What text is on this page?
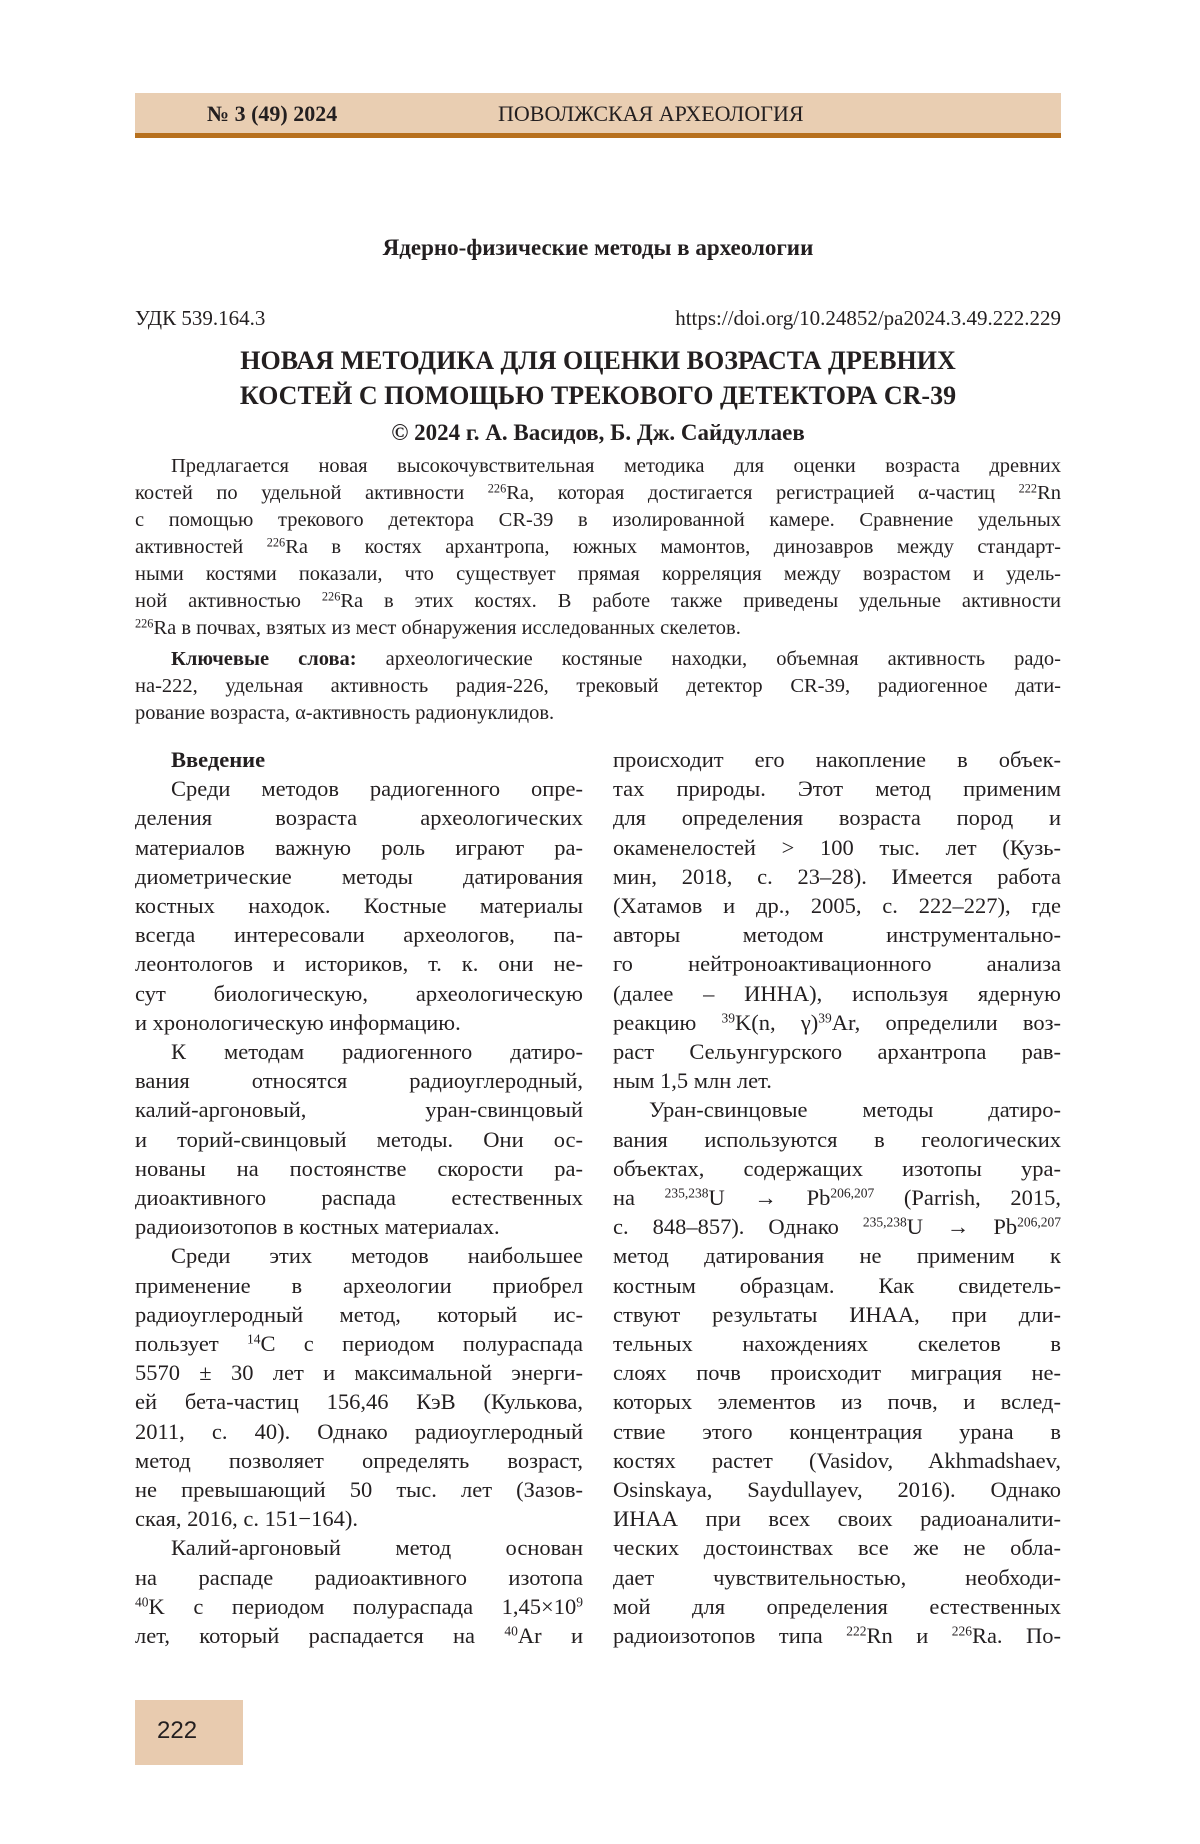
№ 3 (49) 2024	ПОВОЛЖСКАЯ АРХЕОЛОГИЯ
Ядерно-физические методы в археологии
УДК 539.164.3	https://doi.org/10.24852/pa2024.3.49.222.229
НОВАЯ МЕТОДИКА ДЛЯ ОЦЕНКИ ВОЗРАСТА ДРЕВНИХ
КОСТЕЙ С ПОМОЩЬЮ ТРЕКОВОГО ДЕТЕКТОРА CR-39
© 2024 г. А. Васидов, Б. Дж. Сайдуллаев
Предлагается новая высокочувствительная методика для оценки возраста древних
костей по удельной активности 226Ra, которая достигается регистрацией α-частиц 222Rn
с помощью трекового детектора CR-39 в изолированной камере. Сравнение удельных
активностей 226Ra в костях архантропа, южных мамонтов, динозавров между стандарт-
ными костями показали, что существует прямая корреляция между возрастом и удель-
ной активностью 226Ra в этих костях. В работе также приведены удельные активности
226Ra в почвах, взятых из мест обнаружения исследованных скелетов.
Ключевые слова: археологические костяные находки, объемная активность радо-
на-222, удельная активность радия-226, трековый детектор CR-39, радиогенное дати-
рование возраста, α-активность радионуклидов.
Введение
Среди методов радиогенного опре-
деления возраста археологических
материалов важную роль играют ра-
диометрические методы датирования
костных находок. Костные материалы
всегда интересовали археологов, па-
леонтологов и историков, т. к. они не-
сут биологическую, археологическую
и хронологическую информацию.
К методам радиогенного датиро-
вания относятся радиоуглеродный,
калий-аргоновый, уран-свинцовый
и торий-свинцовый методы. Они ос-
нованы на постоянстве скорости ра-
диоактивного распада естественных
радиоизотопов в костных материалах.
Среди этих методов наибольшее
применение в археологии приобрел
радиоуглеродный метод, который ис-
пользует 14C с периодом полураспада
5570 ± 30 лет и максимальной энерги-
ей бета-частиц 156,46 КэВ (Кулькова,
2011, с. 40). Однако радиоуглеродный
метод позволяет определять возраст,
не превышающий 50 тыс. лет (Зазов-
ская, 2016, с. 151−164).
Калий-аргоновый метод основан
на распаде радиоактивного изотопа
40K с периодом полураспада 1,45×109
лет, который распадается на 40Ar и
происходит его накопление в объек-
тах природы. Этот метод применим
для определения возраста пород и
окаменелостей > 100 тыс. лет (Кузь-
мин, 2018, с. 23–28). Имеется работа
(Хатамов и др., 2005, с. 222–227), где
авторы методом инструментально-
го нейтроноактивационного анализа
(далее – ИННА), используя ядерную
реакцию 39K(n, γ)39Ar, определили воз-
раст Сельунгурского архантропа рав-
ным 1,5 млн лет.
Уран-свинцовые методы датиро-
вания используются в геологических
объектах, содержащих изотопы ура-
на 235,238U → Pb206,207 (Parrish, 2015,
с. 848–857). Однако 235,238U → Pb206,207
метод датирования не применим к
костным образцам. Как свидетель-
ствуют результаты ИНАА, при дли-
тельных нахождениях скелетов в
слоях почв происходит миграция не-
которых элементов из почв, и вслед-
ствие этого концентрация урана в
костях растет (Vasidov, Akhmadshaev,
Osinskaya, Saydullayev, 2016). Однако
ИНАА при всех своих радиоаналити-
ческих достоинствах все же не обла-
дает чувствительностью, необходи-
мой для определения естественных
радиоизотопов типа 222Rn и 226Ra. По-
222
